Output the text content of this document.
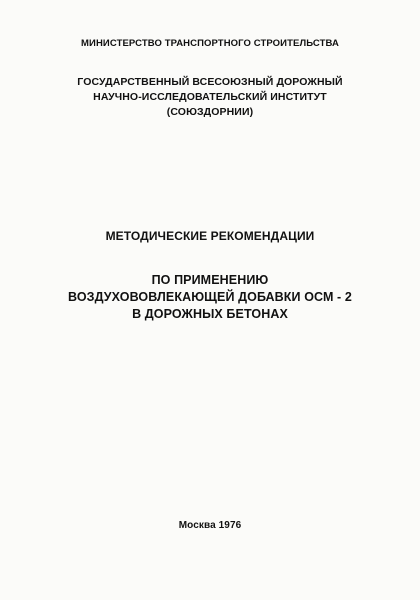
МИНИСТЕРСТВО ТРАНСПОРТНОГО СТРОИТЕЛЬСТВА
ГОСУДАРСТВЕННЫЙ ВСЕСОЮЗНЫЙ ДОРОЖНЫЙ
НАУЧНО-ИССЛЕДОВАТЕЛЬСКИЙ ИНСТИТУТ
(СОЮЗДОРНИИ)
МЕТОДИЧЕСКИЕ РЕКОМЕНДАЦИИ
ПО ПРИМЕНЕНИЮ
ВОЗДУХОВОВЛЕКАЮЩЕЙ ДОБАВКИ ОСМ - 2
В ДОРОЖНЫХ БЕТОНАХ
Москва 1976
